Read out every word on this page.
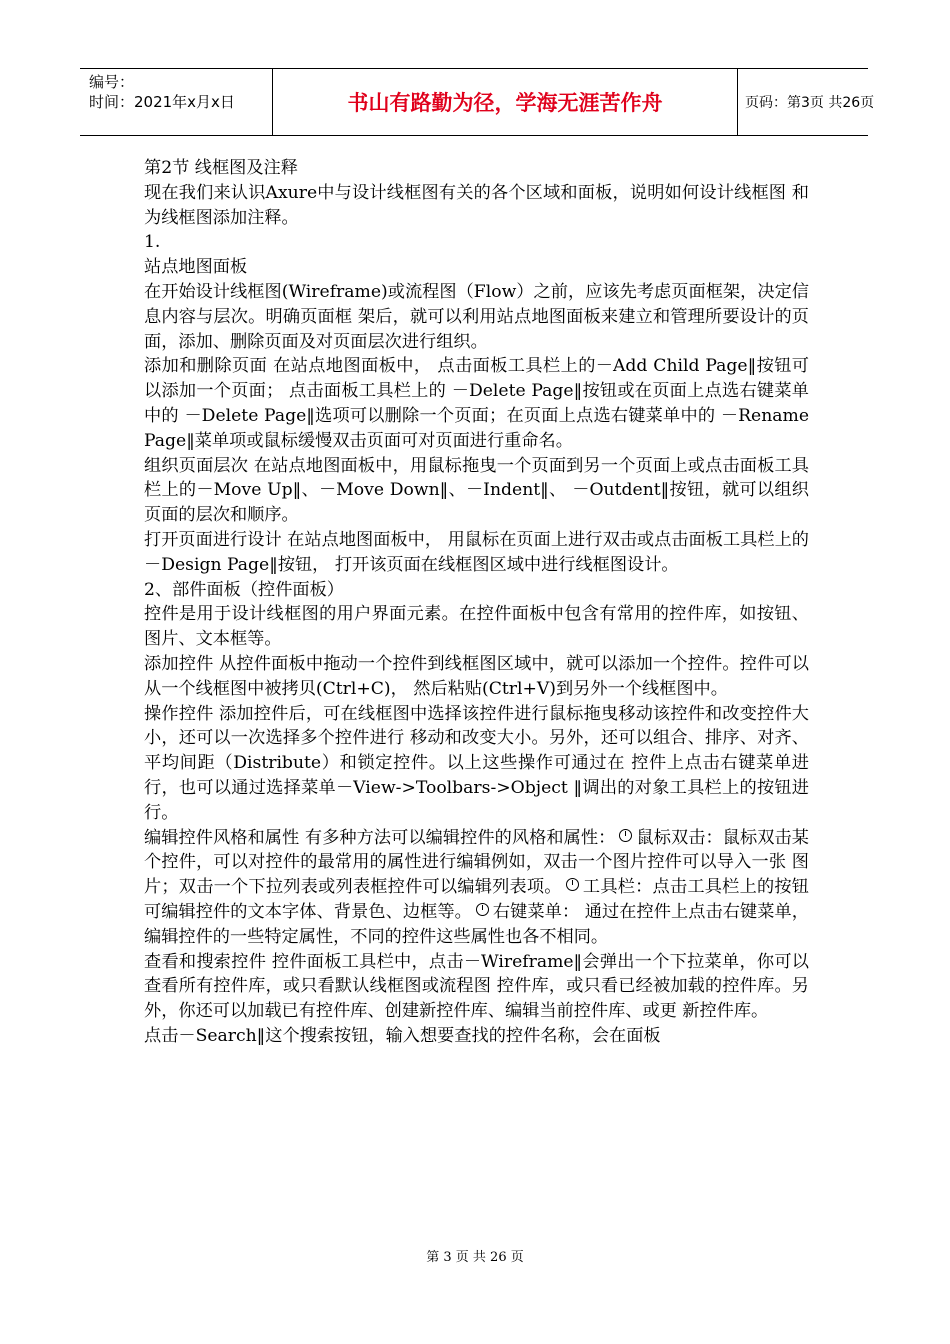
编号：
时间：2021年x月x日	书山有路勤为径，学海无涯苦作舟	页码：第3页 共26页

第2节 线框图及注释

现在我们来认识Axure中与设计线框图有关的各个区域和面板，说明如何设计线框图 和为线框图添加注释。

1.

站点地图面板

在开始设计线框图(Wireframe)或流程图（Flow）之前，应该先考虑页面框架，决定信息内容与层次。明确页面框 架后，就可以利用站点地图面板来建立和管理所要设计的页面，添加、删除页面及对页面层次进行组织。

添加和删除页面 在站点地图面板中， 点击面板工具栏上的－Add Child Page‖按钮可以添加一个页面； 点击面板工具栏上的 －Delete Page‖按钮或在页面上点选右键菜单中的 －Delete Page‖选项可以删除一个页面；在页面上点选右键菜单中的 －Rename Page‖菜单项或鼠标缓慢双击页面可对页面进行重命名。

组织页面层次 在站点地图面板中，用鼠标拖曳一个页面到另一个页面上或点击面板工具栏上的－Move Up‖、－Move Down‖、－Indent‖、 －Outdent‖按钮，就可以组织页面的层次和顺序。

打开页面进行设计 在站点地图面板中， 用鼠标在页面上进行双击或点击面板工具栏上的－Design Page‖按钮， 打开该页面在线框图区域中进行线框图设计。

2、部件面板（控件面板）

控件是用于设计线框图的用户界面元素。在控件面板中包含有常用的控件库，如按钮、图片、文本框等。

添加控件 从控件面板中拖动一个控件到线框图区域中，就可以添加一个控件。控件可以从一个线框图中被拷贝(Ctrl+C)， 然后粘贴(Ctrl+V)到另外一个线框图中。

操作控件 添加控件后，可在线框图中选择该控件进行鼠标拖曳移动该控件和改变控件大小，还可以一次选择多个控件进行 移动和改变大小。另外，还可以组合、排序、对齐、平均间距（Distribute）和锁定控件。以上这些操作可通过在 控件上点击右键菜单进行，也可以通过选择菜单－View->Toolbars->Object ‖调出的对象工具栏上的按钮进行。

编辑控件风格和属性 有多种方法可以编辑控件的风格和属性： 鼠标双击：鼠标双击某个控件，可以对控件的最常用的属性进行编辑例如，双击一个图片控件可以导入一张 图片；双击一个下拉列表或列表框控件可以编辑列表项。 工具栏：点击工具栏上的按钮可编辑控件的文本字体、背景色、边框等。 右键菜单： 通过在控件上点击右键菜单，编辑控件的一些特定属性，不同的控件这些属性也各不相同。

查看和搜索控件 控件面板工具栏中，点击－Wireframe‖会弹出一个下拉菜单，你可以查看所有控件库，或只看默认线框图或流程图 控件库，或只看已经被加载的控件库。另外，你还可以加载已有控件库、创建新控件库、编辑当前控件库、或更 新控件库。

点击－Search‖这个搜索按钮，输入想要查找的控件名称，会在面板

第 3 页 共 26 页
